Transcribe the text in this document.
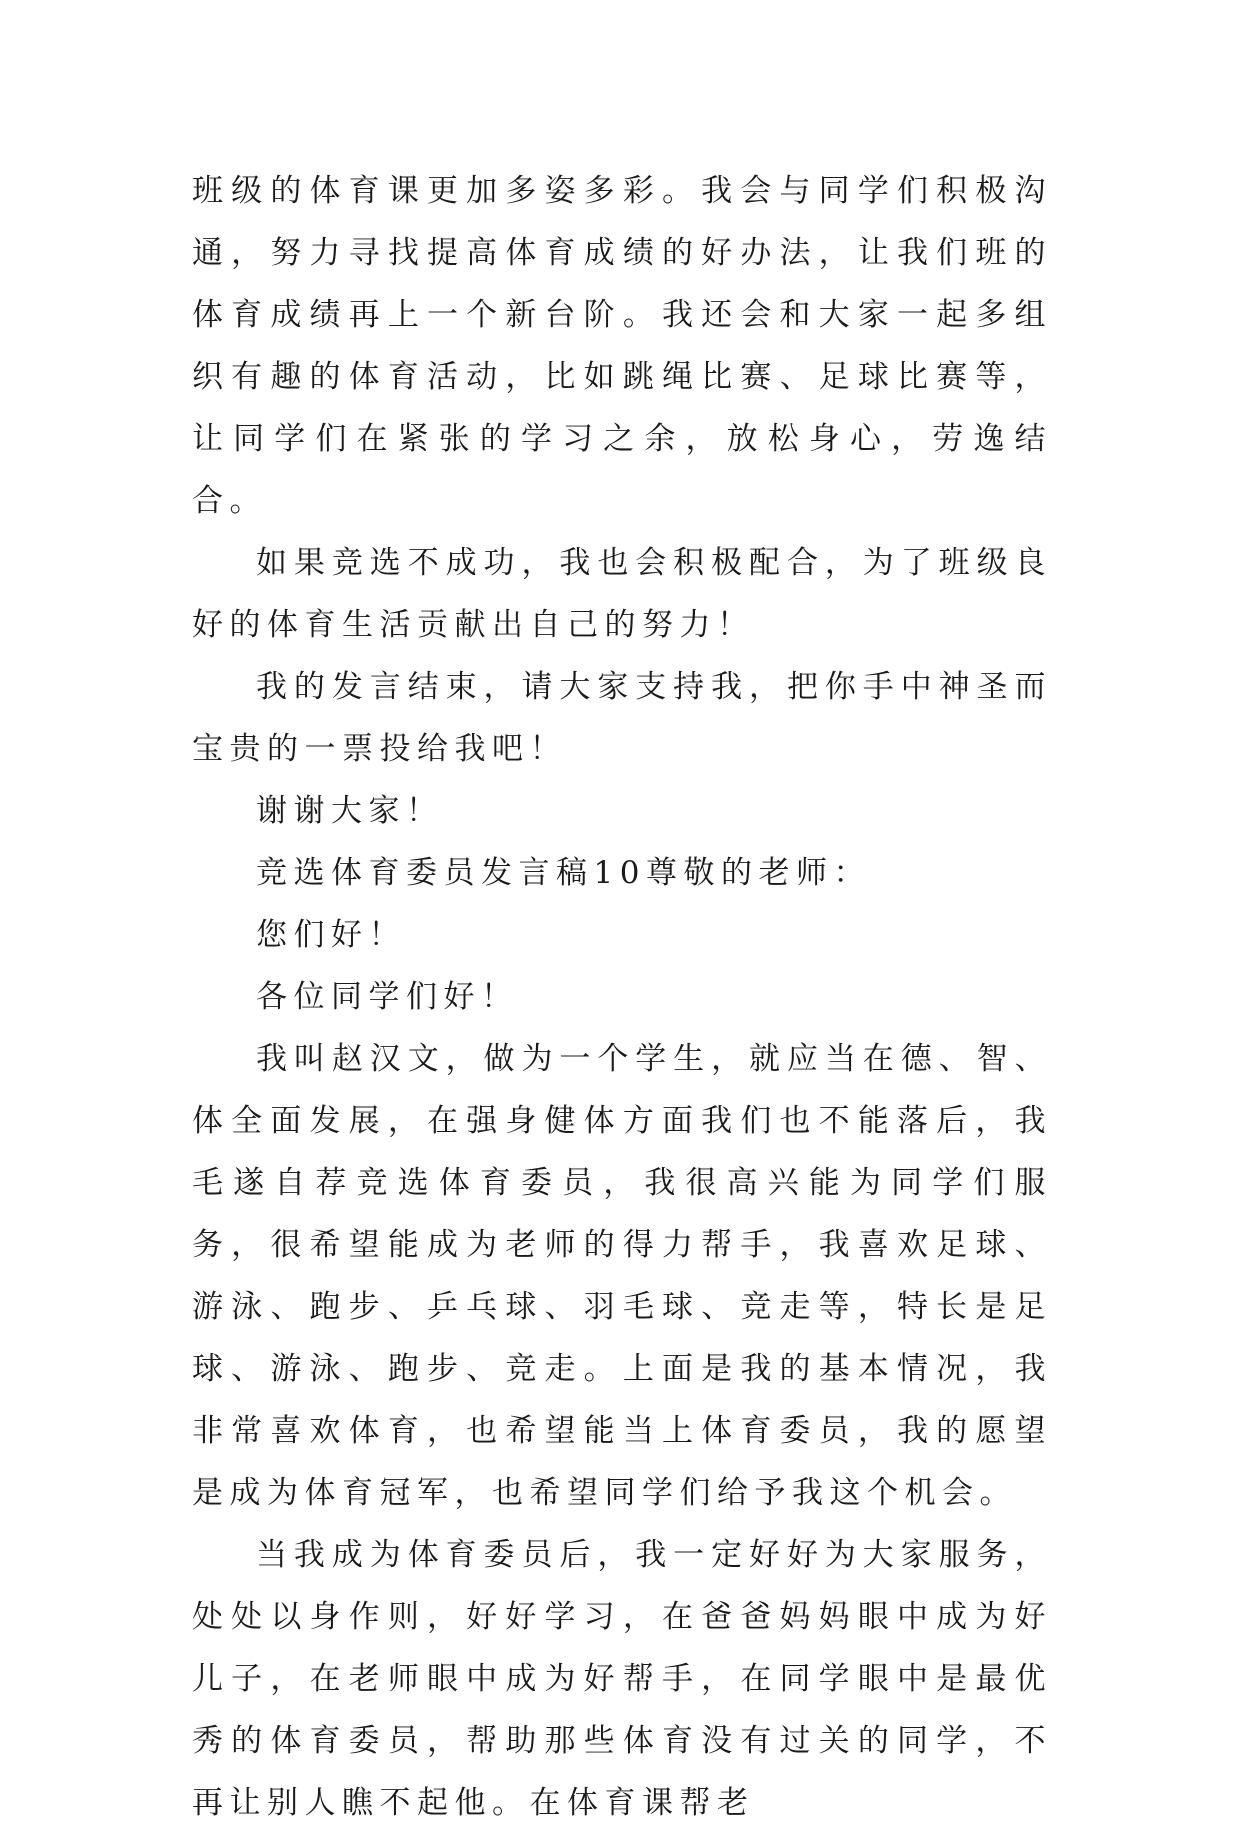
班级的体育课更加多姿多彩。我会与同学们积极沟通，努力寻找提高体育成绩的好办法，让我们班的体育成绩再上一个新台阶。我还会和大家一起多组织有趣的体育活动，比如跳绳比赛、足球比赛等，让同学们在紧张的学习之余，放松身心，劳逸结合。

如果竞选不成功，我也会积极配合，为了班级良好的体育生活贡献出自己的努力！

我的发言结束，请大家支持我，把你手中神圣而宝贵的一票投给我吧！

谢谢大家！

竞选体育委员发言稿10尊敬的老师：

您们好！

各位同学们好！

我叫赵汉文，做为一个学生，就应当在德、智、体全面发展，在强身健体方面我们也不能落后，我毛遂自荐竞选体育委员，我很高兴能为同学们服务，很希望能成为老师的得力帮手，我喜欢足球、游泳、跑步、乒乓球、羽毛球、竞走等，特长是足球、游泳、跑步、竞走。上面是我的基本情况，我非常喜欢体育，也希望能当上体育委员，我的愿望是成为体育冠军，也希望同学们给予我这个机会。

当我成为体育委员后，我一定好好为大家服务，处处以身作则，好好学习，在爸爸妈妈眼中成为好儿子，在老师眼中成为好帮手，在同学眼中是最优秀的体育委员，帮助那些体育没有过关的同学，不再让别人瞧不起他。在体育课帮老
